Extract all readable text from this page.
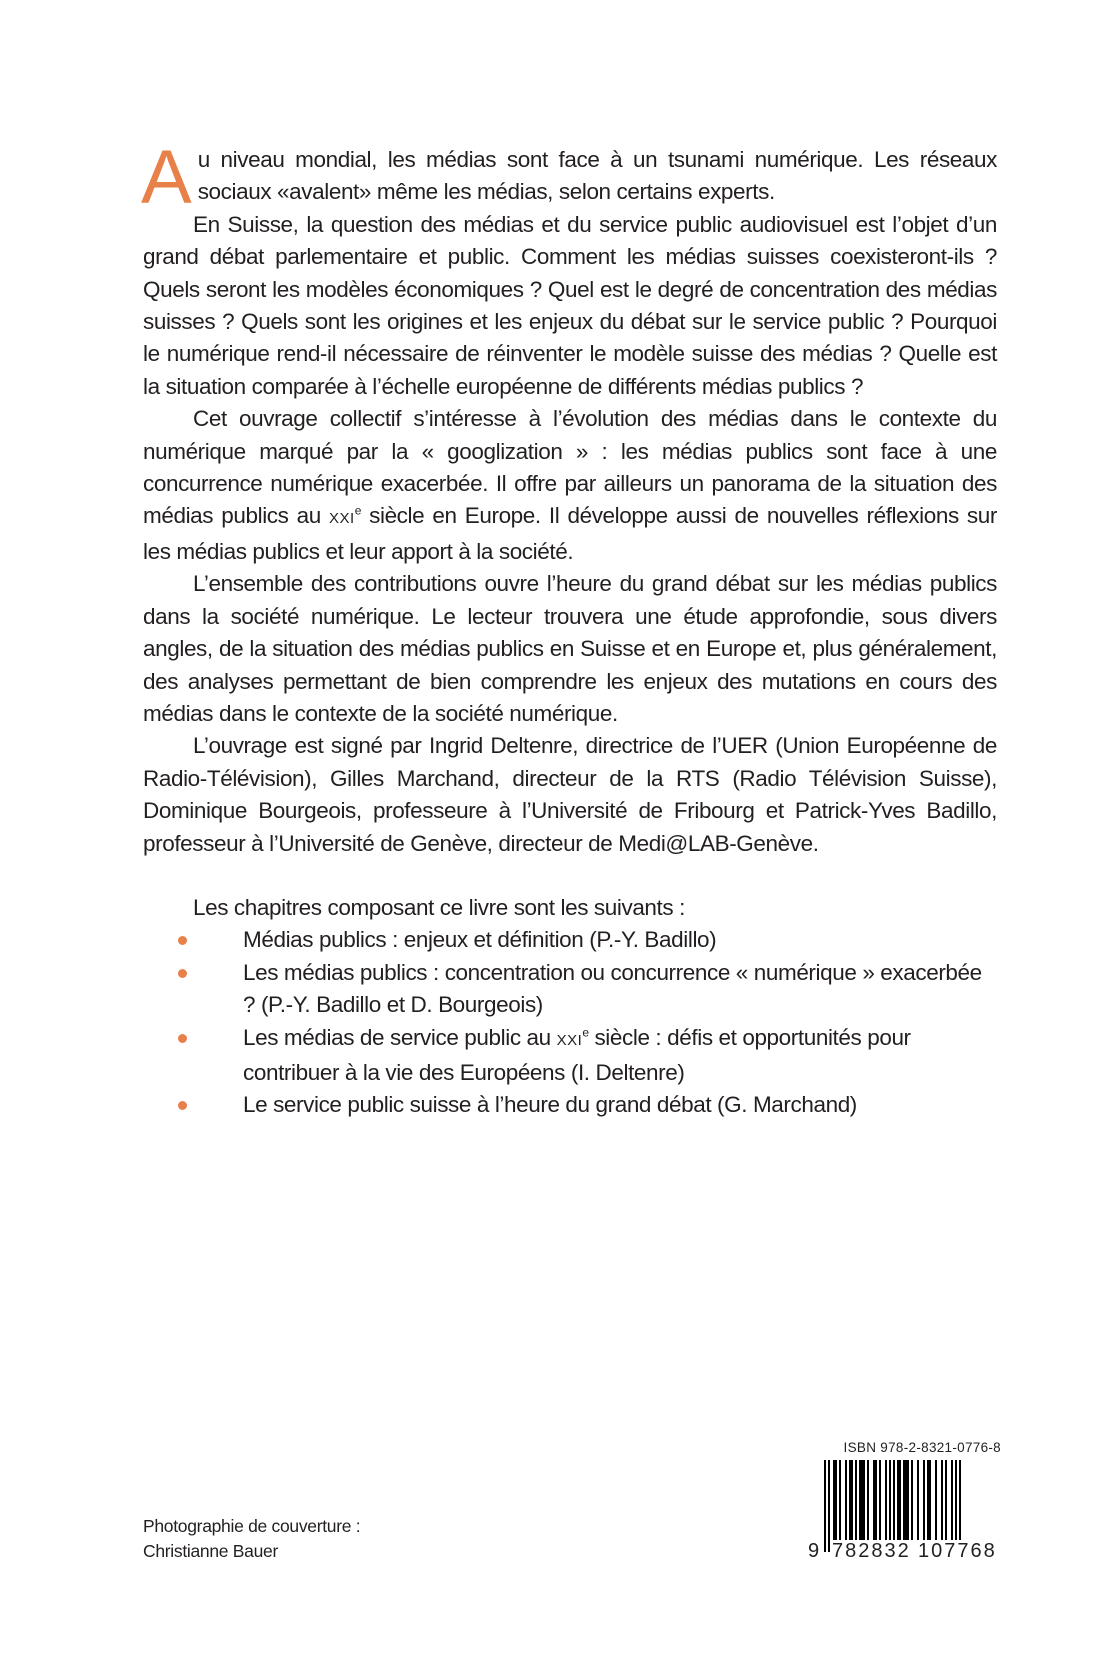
Au niveau mondial, les médias sont face à un tsunami numérique. Les réseaux sociaux «avalent» même les médias, selon certains experts.

En Suisse, la question des médias et du service public audiovisuel est l’objet d’un grand débat parlementaire et public. Comment les médias suisses coexisteront-ils ? Quels seront les modèles économiques ? Quel est le degré de concentration des médias suisses ? Quels sont les origines et les enjeux du débat sur le service public ? Pourquoi le numérique rend-il nécessaire de réinventer le modèle suisse des médias ? Quelle est la situation comparée à l’échelle européenne de différents médias publics ?

Cet ouvrage collectif s’intéresse à l’évolution des médias dans le contexte du numérique marqué par la « googlization » : les médias publics sont face à une concurrence numérique exacerbée. Il offre par ailleurs un panorama de la situation des médias publics au XXIe siècle en Europe. Il développe aussi de nouvelles réflexions sur les médias publics et leur apport à la société.

L’ensemble des contributions ouvre l’heure du grand débat sur les médias publics dans la société numérique. Le lecteur trouvera une étude approfondie, sous divers angles, de la situation des médias publics en Suisse et en Europe et, plus généralement, des analyses permettant de bien comprendre les enjeux des mutations en cours des médias dans le contexte de la société numérique.

L’ouvrage est signé par Ingrid Deltenre, directrice de l’UER (Union Européenne de Radio-Télévision), Gilles Marchand, directeur de la RTS (Radio Télévision Suisse), Dominique Bourgeois, professeure à l’Université de Fribourg et Patrick-Yves Badillo, professeur à l’Université de Genève, directeur de Medi@LAB-Genève.

Les chapitres composant ce livre sont les suivants :

Médias publics : enjeux et définition (P.-Y. Badillo)
Les médias publics : concentration ou concurrence « numérique » exacerbée ? (P.-Y. Badillo et D. Bourgeois)
Les médias de service public au XXIe siècle : défis et opportunités pour contribuer à la vie des Européens (I. Deltenre)
Le service public suisse à l’heure du grand débat (G. Marchand)
Photographie de couverture :
Christianne Bauer
ISBN 978-2-8321-0776-8
9 782832 107768
